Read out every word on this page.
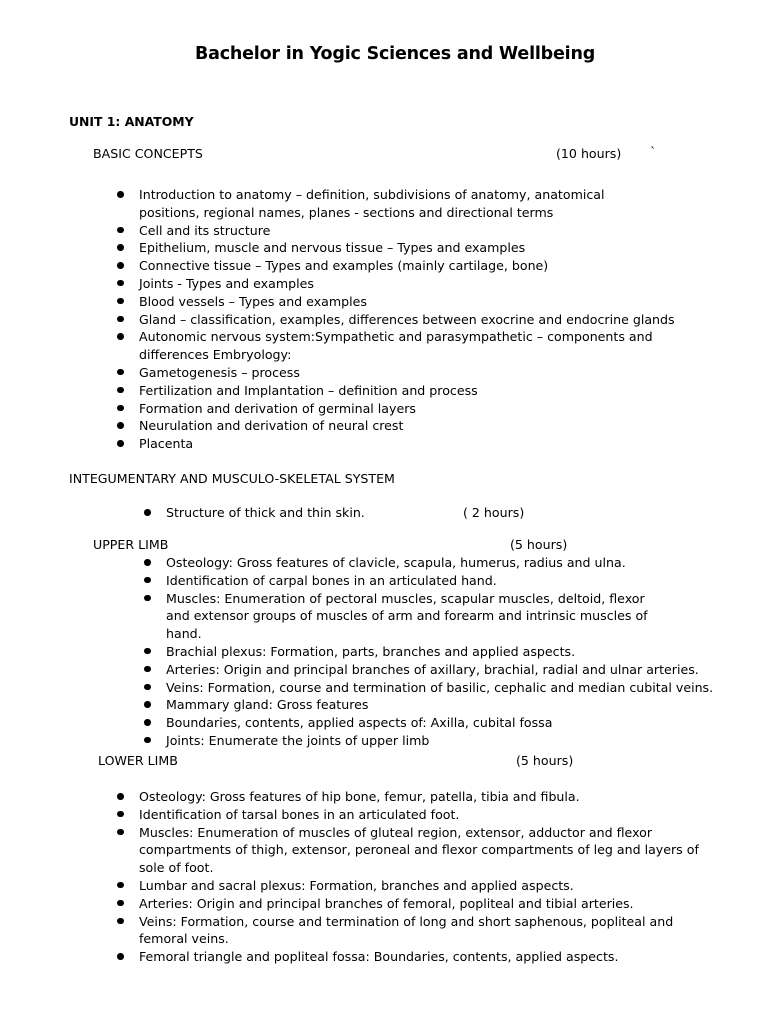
Bachelor in Yogic Sciences and Wellbeing
UNIT 1: ANATOMY
BASIC CONCEPTS	(10 hours) `
Introduction to anatomy – definition, subdivisions of anatomy, anatomical positions, regional names, planes - sections and directional terms
Cell and its structure
Epithelium, muscle and nervous tissue – Types and examples
Connective tissue – Types and examples (mainly cartilage, bone)
Joints - Types and examples
Blood vessels – Types and examples
Gland – classification, examples, differences between exocrine and endocrine glands
Autonomic nervous system:Sympathetic and parasympathetic – components and differences Embryology:
Gametogenesis – process
Fertilization and Implantation – definition and process
Formation and derivation of germinal layers
Neurulation and derivation of neural crest
Placenta
INTEGUMENTARY AND MUSCULO-SKELETAL SYSTEM
Structure of thick and thin skin.	( 2 hours)
UPPER LIMB	(5 hours)
Osteology: Gross features of clavicle, scapula, humerus, radius and ulna.
Identification of carpal bones in an articulated hand.
Muscles: Enumeration of pectoral muscles, scapular muscles, deltoid, flexor and extensor groups of muscles of arm and forearm and intrinsic muscles of hand.
Brachial plexus: Formation, parts, branches and applied aspects.
Arteries: Origin and principal branches of axillary, brachial, radial and ulnar arteries.
Veins: Formation, course and termination of basilic, cephalic and median cubital veins.
Mammary gland: Gross features
Boundaries, contents, applied aspects of: Axilla, cubital fossa
Joints: Enumerate the joints of upper limb
LOWER LIMB	(5 hours)
Osteology: Gross features of hip bone, femur, patella, tibia and fibula.
Identification of tarsal bones in an articulated foot.
Muscles: Enumeration of muscles of gluteal region, extensor, adductor and flexor compartments of thigh, extensor, peroneal and flexor compartments of leg and layers of sole of foot.
Lumbar and sacral plexus: Formation, branches and applied aspects.
Arteries: Origin and principal branches of femoral, popliteal and tibial arteries.
Veins: Formation, course and termination of long and short saphenous, popliteal and femoral veins.
Femoral triangle and popliteal fossa: Boundaries, contents, applied aspects.
